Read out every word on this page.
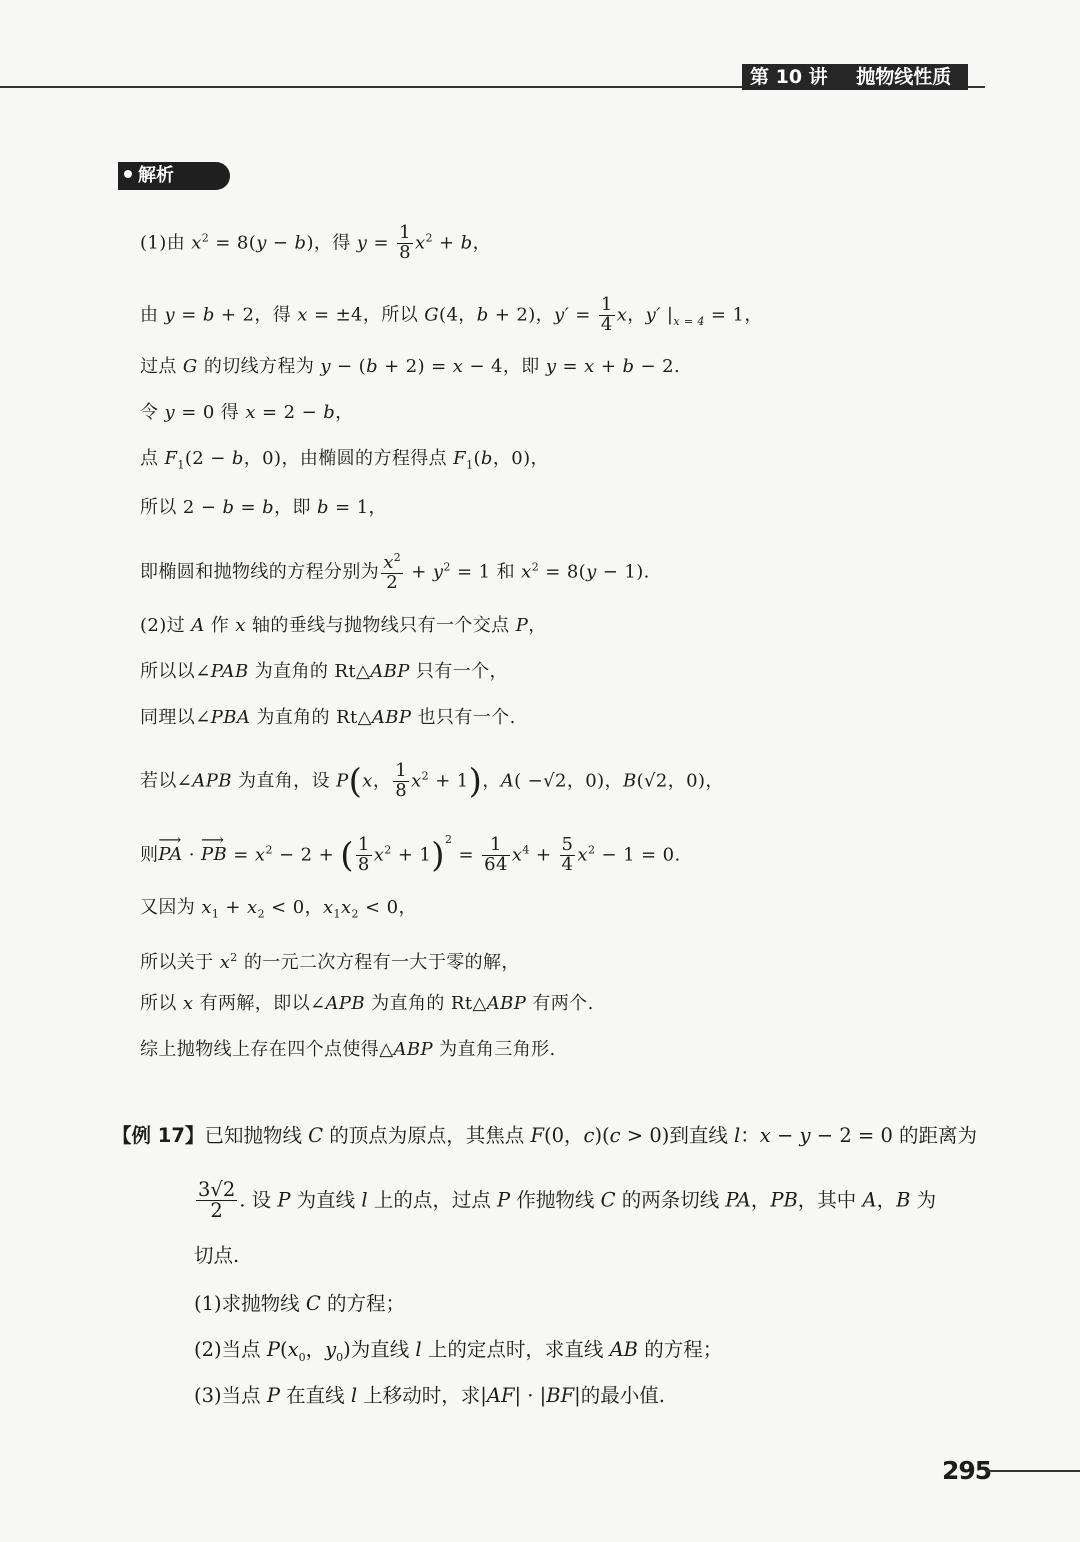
第 10 讲 抛物线性质
解析
(1)由 $x^2 = 8(y - b)$，得 $y = \frac{1}{8} x^2 + b$，
由 y = b + 2，得 x = ±4，所以 G(4，b + 2)，$y' = \frac{1}{4}$ x，y′ $|_{x = 4} = 1$，
过点 G 的切线方程为 y − (b + 2) = x − 4，即 y = x + b − 2.
令 y = 0 得 x = 2 − b，
点 $F_1(2 - b$，0)，由椭圆的方程得点 $F_1(b$，0)，
所以 2 − b = b，即 b = 1，
即椭圆和抛物线的方程分别为 $\frac{x^2}{2} + y^2 = 1$ 和 $x^2 = 8(y - 1)$.
(2)过 A 作 x 轴的垂线与抛物线只有一个交点 P，
所以以∠PAB 为直角的 Rt△ABP 只有一个，
同理以∠PBA 为直角的 Rt△ABP 也只有一个.
若以∠APB 为直角，设 P(x， $\frac{1}{8} x^2 + 1$)，A( −√2，0)，B(√2，0)，
则⟶ PA · ⟶ PB = $x^2 - 2$ + ( $\frac{1}{8} x^2 + 1)^2 = \frac{1}{64} x^4 + \frac{5}{4} x^2 - 1 = 0$.
又因为 $x_1 + x_2 < 0$，$x_1x_2 < 0$，
所以关于 $x^2$ 的一元二次方程有一大于零的解，
所以 x 有两解，即以∠APB 为直角的 Rt△ABP 有两个.
综上抛物线上存在四个点使得△ABP 为直角三角形.
【例 17】已知抛物线 C 的顶点为原点，其焦点 F(0，c)(c > 0)到直线 l：x − y − 2 = 0 的距离为
$\frac{3√2}{2}$ . 设 P 为直线 l 上的点，过点 P 作抛物线 C 的两条切线 PA，PB，其中 A，B 为
切点.
(1)求抛物线 C 的方程；
(2)当点 $P(x_0$，$y_0$)为直线 l 上的定点时，求直线 AB 的方程；
(3)当点 P 在直线 l 上移动时，求|AF| · |BF|的最小值.
295
